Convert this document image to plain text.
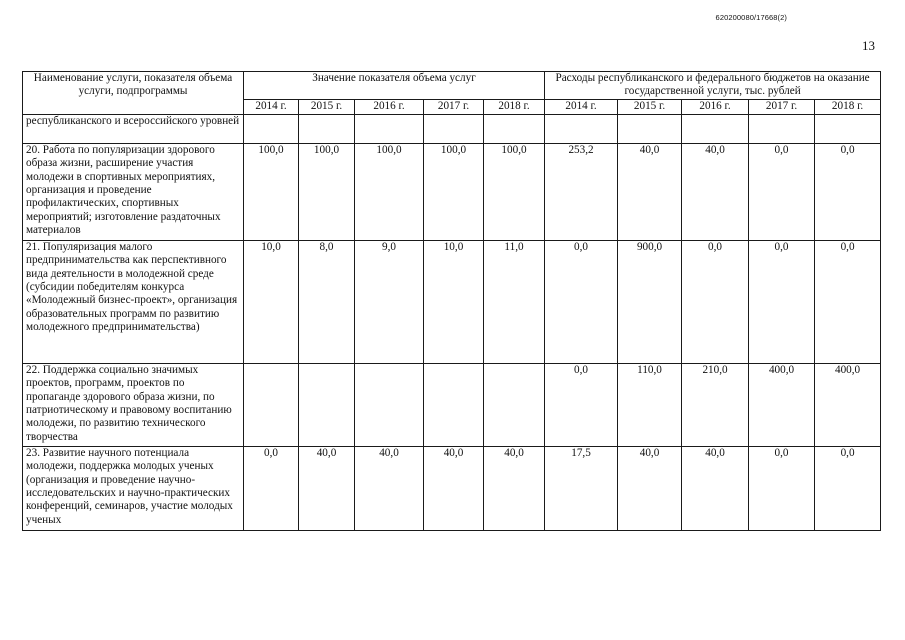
620200080/17668(2)
13
Наименование услуги, показателя объема услуги, подпрограммы	Значение показателя объема услуг					Расходы республиканского и федерального бюджетов на оказание государственной услуги, тыс. рублей				
	2014 г.	2015 г.	2016 г.	2017 г.	2018 г.	2014 г.	2015 г.	2016 г.	2017 г.	2018 г.
республиканского и всероссийского уровней										
20. Работа по популяризации здорового образа жизни, расширение участия молодежи в спортивных мероприятиях, организация и проведение профилактических, спортивных мероприятий; изготовление раздаточных материалов	100,0	100,0	100,0	100,0	100,0	253,2	40,0	40,0	0,0	0,0
21. Популяризация малого предпринимательства как перспективного вида деятельности в молодежной среде (субсидии победителям конкурса «Молодежный бизнес-проект», организация образовательных программ по развитию молодежного предпринимательства)	10,0	8,0	9,0	10,0	11,0	0,0	900,0	0,0	0,0	0,0
22. Поддержка социально значимых проектов, программ, проектов по пропаганде здорового образа жизни, по патриотическому и правовому воспитанию молодежи, по развитию технического творчества						0,0	110,0	210,0	400,0	400,0
23. Развитие научного потенциала молодежи, поддержка молодых ученых (организация и проведение научно-исследовательских и научно-практических конференций, семинаров, участие молодых ученых	0,0	40,0	40,0	40,0	40,0	17,5	40,0	40,0	0,0	0,0
